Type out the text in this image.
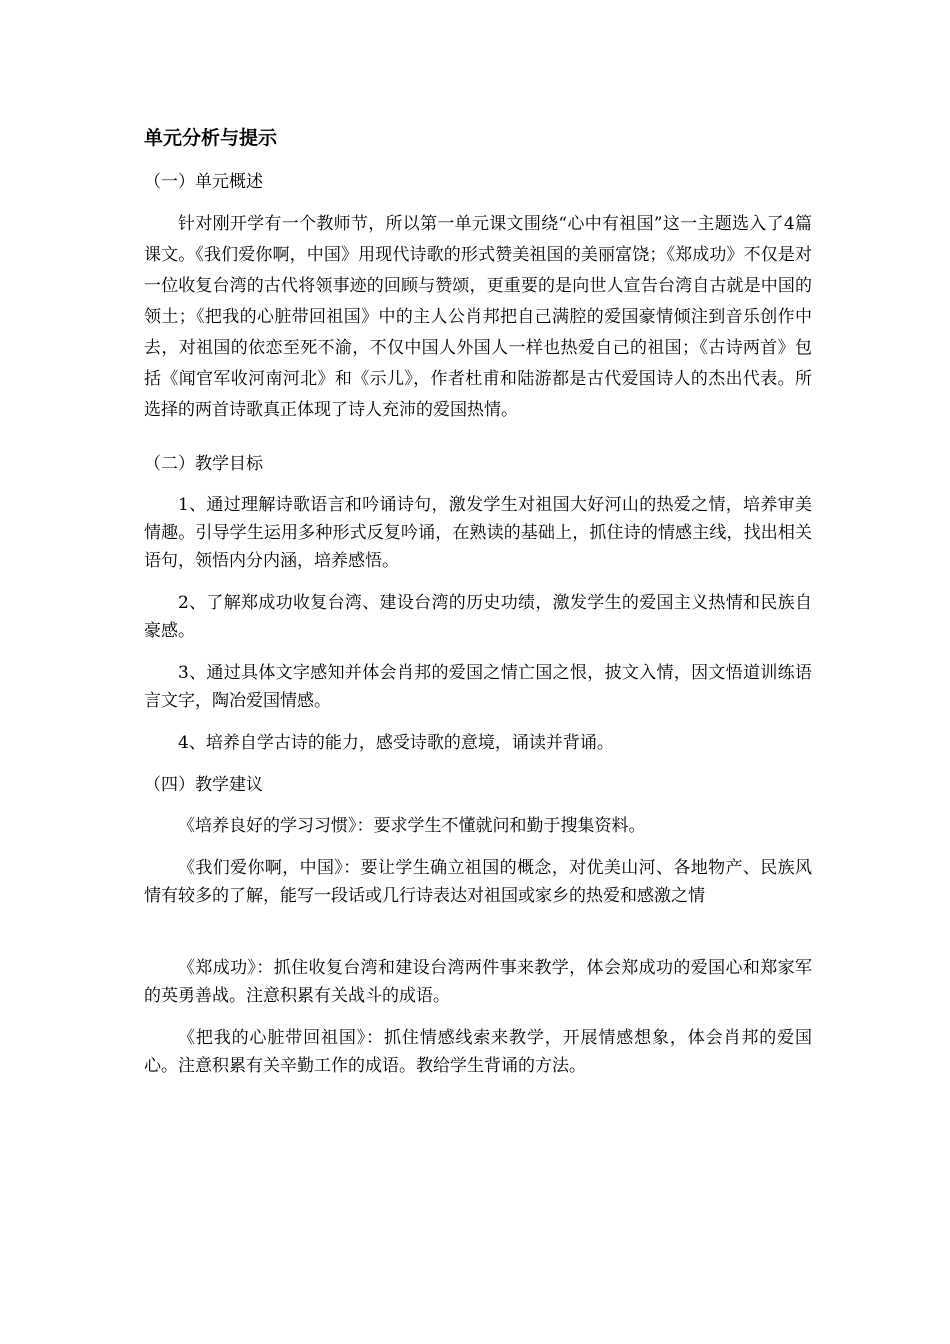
单元分析与提示
（一）单元概述

针对刚开学有一个教师节，所以第一单元课文围绕“心中有祖国”这一主题选入了4篇课文。《我们爱你啊，中国》用现代诗歌的形式赞美祖国的美丽富饶；《郑成功》不仅是对一位收复台湾的古代将领事迹的回顾与赞颂，更重要的是向世人宣告台湾自古就是中国的领土；《把我的心脏带回祖国》中的主人公肖邦把自己满腔的爱国豪情倾注到音乐创作中去，对祖国的依恋至死不渝，不仅中国人外国人一样也热爱自己的祖国；《古诗两首》包括《闻官军收河南河北》和《示儿》，作者杜甫和陆游都是古代爱国诗人的杰出代表。所选择的两首诗歌真正体现了诗人充沛的爱国热情。

（二）教学目标

1、通过理解诗歌语言和吟诵诗句，激发学生对祖国大好河山的热爱之情，培养审美情趣。引导学生运用多种形式反复吟诵，在熟读的基础上，抓住诗的情感主线，找出相关语句，领悟内分内涵，培养感悟。

2、了解郑成功收复台湾、建设台湾的历史功绩，激发学生的爱国主义热情和民族自豪感。

3、通过具体文字感知并体会肖邦的爱国之情亡国之恨，披文入情，因文悟道训练语言文字，陶冶爱国情感。

4、培养自学古诗的能力，感受诗歌的意境，诵读并背诵。

（四）教学建议

《培养良好的学习习惯》：要求学生不懂就问和勤于搜集资料。

《我们爱你啊，中国》：要让学生确立祖国的概念，对优美山河、各地物产、民族风情有较多的了解，能写一段话或几行诗表达对祖国或家乡的热爱和感激之情

《郑成功》：抓住收复台湾和建设台湾两件事来教学，体会郑成功的爱国心和郑家军的英勇善战。注意积累有关战斗的成语。

《把我的心脏带回祖国》：抓住情感线索来教学，开展情感想象，体会肖邦的爱国心。注意积累有关辛勤工作的成语。教给学生背诵的方法。
